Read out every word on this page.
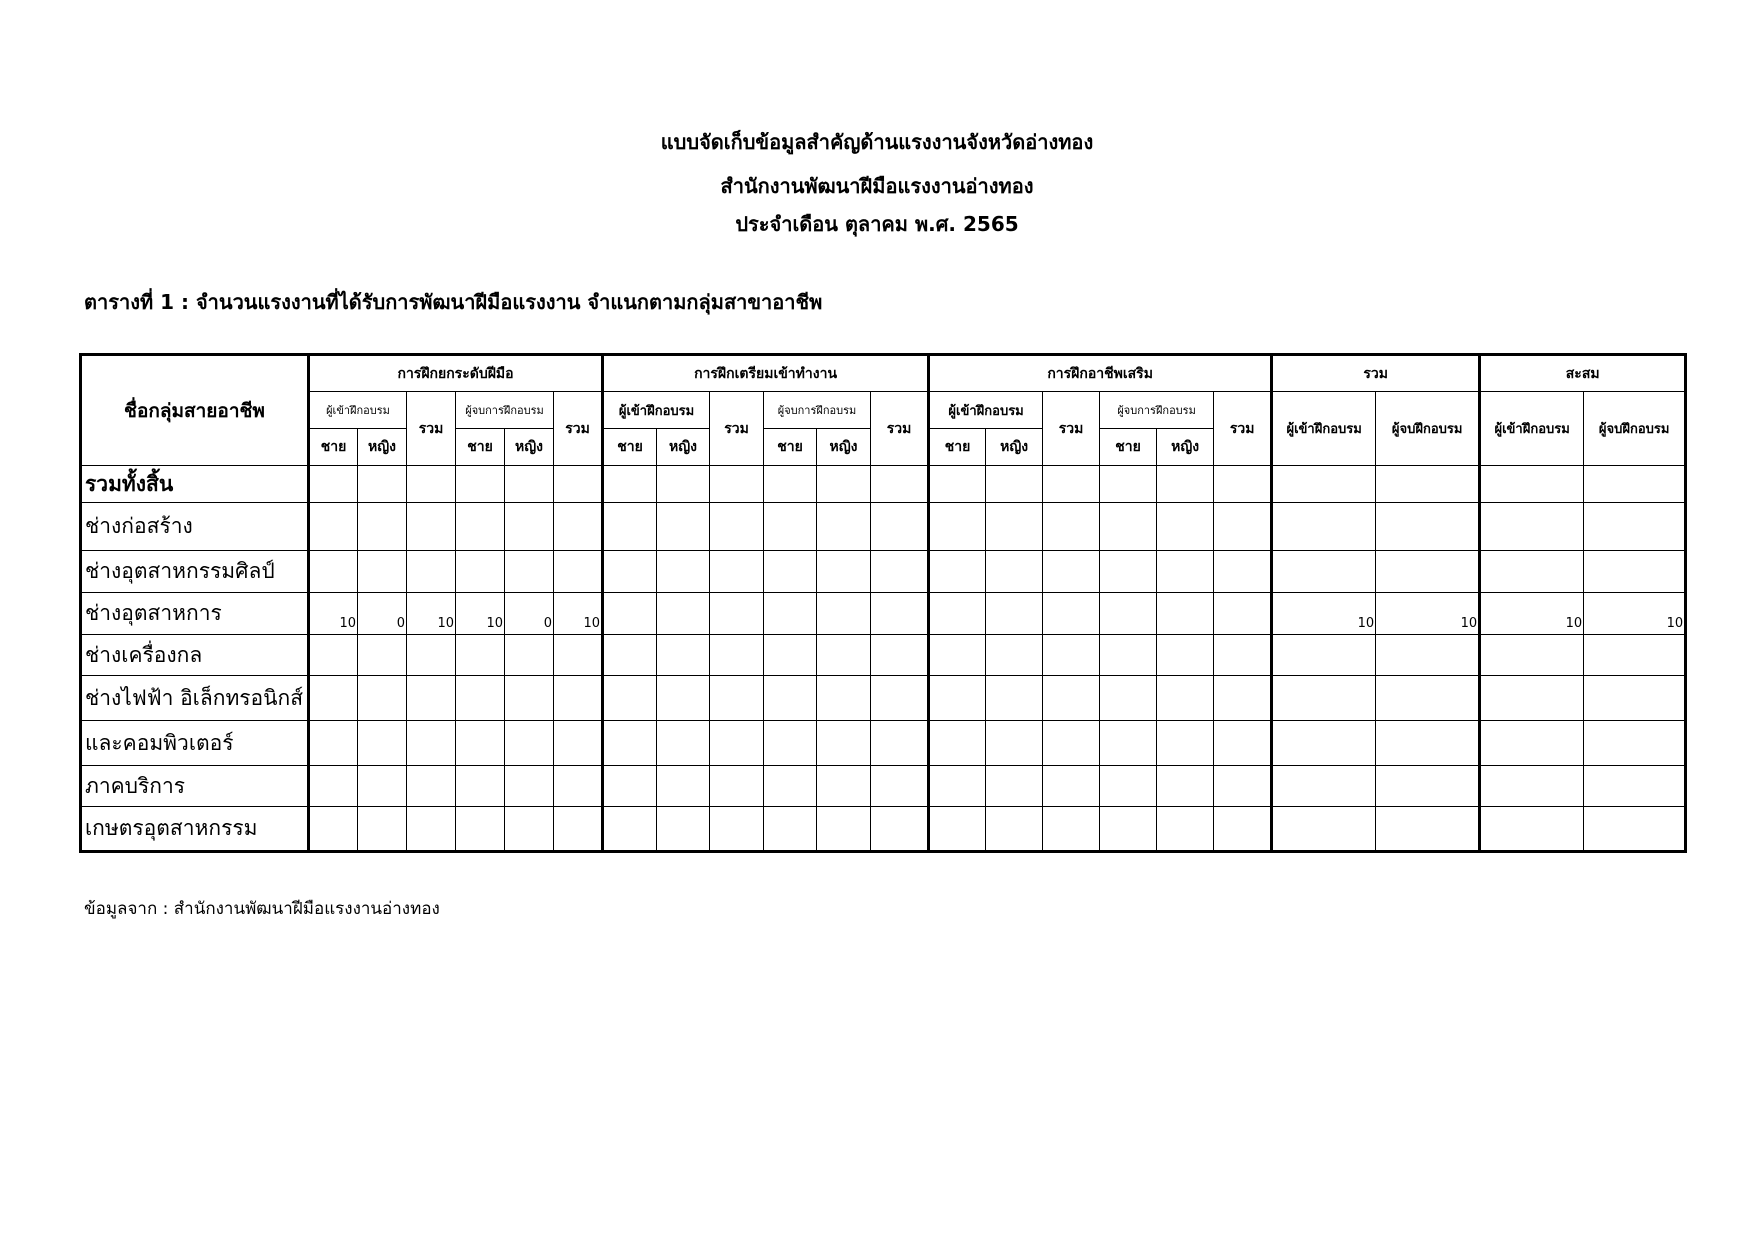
แบบจัดเก็บข้อมูลสำคัญด้านแรงงานจังหวัดอ่างทอง
สำนักงานพัฒนาฝีมือแรงงานอ่างทอง
ประจำเดือน ตุลาคม พ.ศ. 2565
ตารางที่ 1 : จำนวนแรงงานที่ได้รับการพัฒนาฝีมือแรงงาน จำแนกตามกลุ่มสาขาอาชีพ
ชื่อกลุ่มสายอาชีพ	การฝึกยกระดับฝีมือ						การฝึกเตรียมเข้าทำงาน						การฝึกอาชีพเสริม						รวม		สะสม	
	ผู้เข้าฝึกอบรม		รวม	ผู้จบการฝึกอบรม		รวม	ผู้เข้าฝึกอบรม		รวม	ผู้จบการฝึกอบรม		รวม	ผู้เข้าฝึกอบรม		รวม	ผู้จบการฝึกอบรม		รวม	ผู้เข้าฝึกอบรม	ผู้จบฝึกอบรม	ผู้เข้าฝึกอบรม	ผู้จบฝึกอบรม
	ชาย	หญิง		ชาย	หญิง		ชาย	หญิง		ชาย	หญิง		ชาย	หญิง		ชาย	หญิง					
รวมทั้งสิ้น																						
ช่างก่อสร้าง																						
ช่างอุตสาหกรรมศิลป์																						
ช่างอุตสาหการ	10	0	10	10	0	10													10	10	10	10
ช่างเครื่องกล																						
ช่างไฟฟ้า อิเล็กทรอนิกส์																						
และคอมพิวเตอร์																						
ภาคบริการ																						
เกษตรอุตสาหกรรม																						
ข้อมูลจาก : สำนักงานพัฒนาฝีมือแรงงานอ่างทอง
